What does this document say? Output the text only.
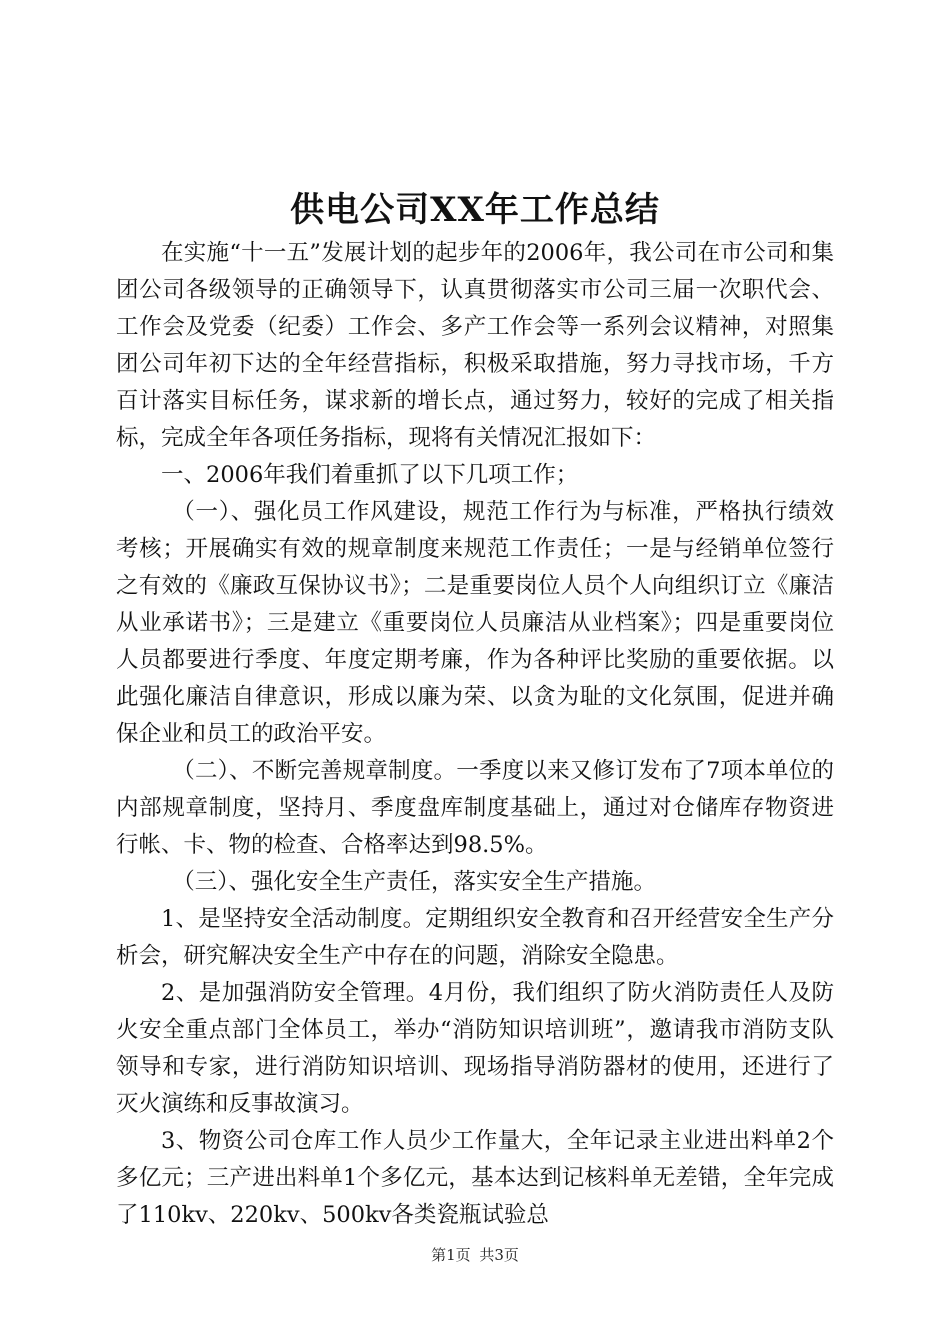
供电公司XX年工作总结

在实施“十一五”发展计划的起步年的2006年，我公司在市公司和集团公司各级领导的正确领导下，认真贯彻落实市公司三届一次职代会、工作会及党委（纪委）工作会、多产工作会等一系列会议精神，对照集团公司年初下达的全年经营指标，积极采取措施，努力寻找市场，千方百计落实目标任务，谋求新的增长点，通过努力，较好的完成了相关指标，完成全年各项任务指标，现将有关情况汇报如下：

一、2006年我们着重抓了以下几项工作；

（一）、强化员工作风建设，规范工作行为与标准，严格执行绩效考核；开展确实有效的规章制度来规范工作责任；一是与经销单位签行之有效的《廉政互保协议书》；二是重要岗位人员个人向组织订立《廉洁从业承诺书》；三是建立《重要岗位人员廉洁从业档案》；四是重要岗位人员都要进行季度、年度定期考廉，作为各种评比奖励的重要依据。以此强化廉洁自律意识，形成以廉为荣、以贪为耻的文化氛围，促进并确保企业和员工的政治平安。

（二）、不断完善规章制度。一季度以来又修订发布了7项本单位的内部规章制度，坚持月、季度盘库制度基础上，通过对仓储库存物资进行帐、卡、物的检查、合格率达到98.5%。

（三）、强化安全生产责任，落实安全生产措施。

1、是坚持安全活动制度。定期组织安全教育和召开经营安全生产分析会，研究解决安全生产中存在的问题，消除安全隐患。

2、是加强消防安全管理。4月份，我们组织了防火消防责任人及防火安全重点部门全体员工，举办“消防知识培训班”，邀请我市消防支队领导和专家，进行消防知识培训、现场指导消防器材的使用，还进行了灭火演练和反事故演习。

3、物资公司仓库工作人员少工作量大，全年记录主业进出料单2个多亿元；三产进出料单1个多亿元，基本达到记核料单无差错，全年完成了110kv、220kv、500kv各类瓷瓶试验总

第1页 共3页
